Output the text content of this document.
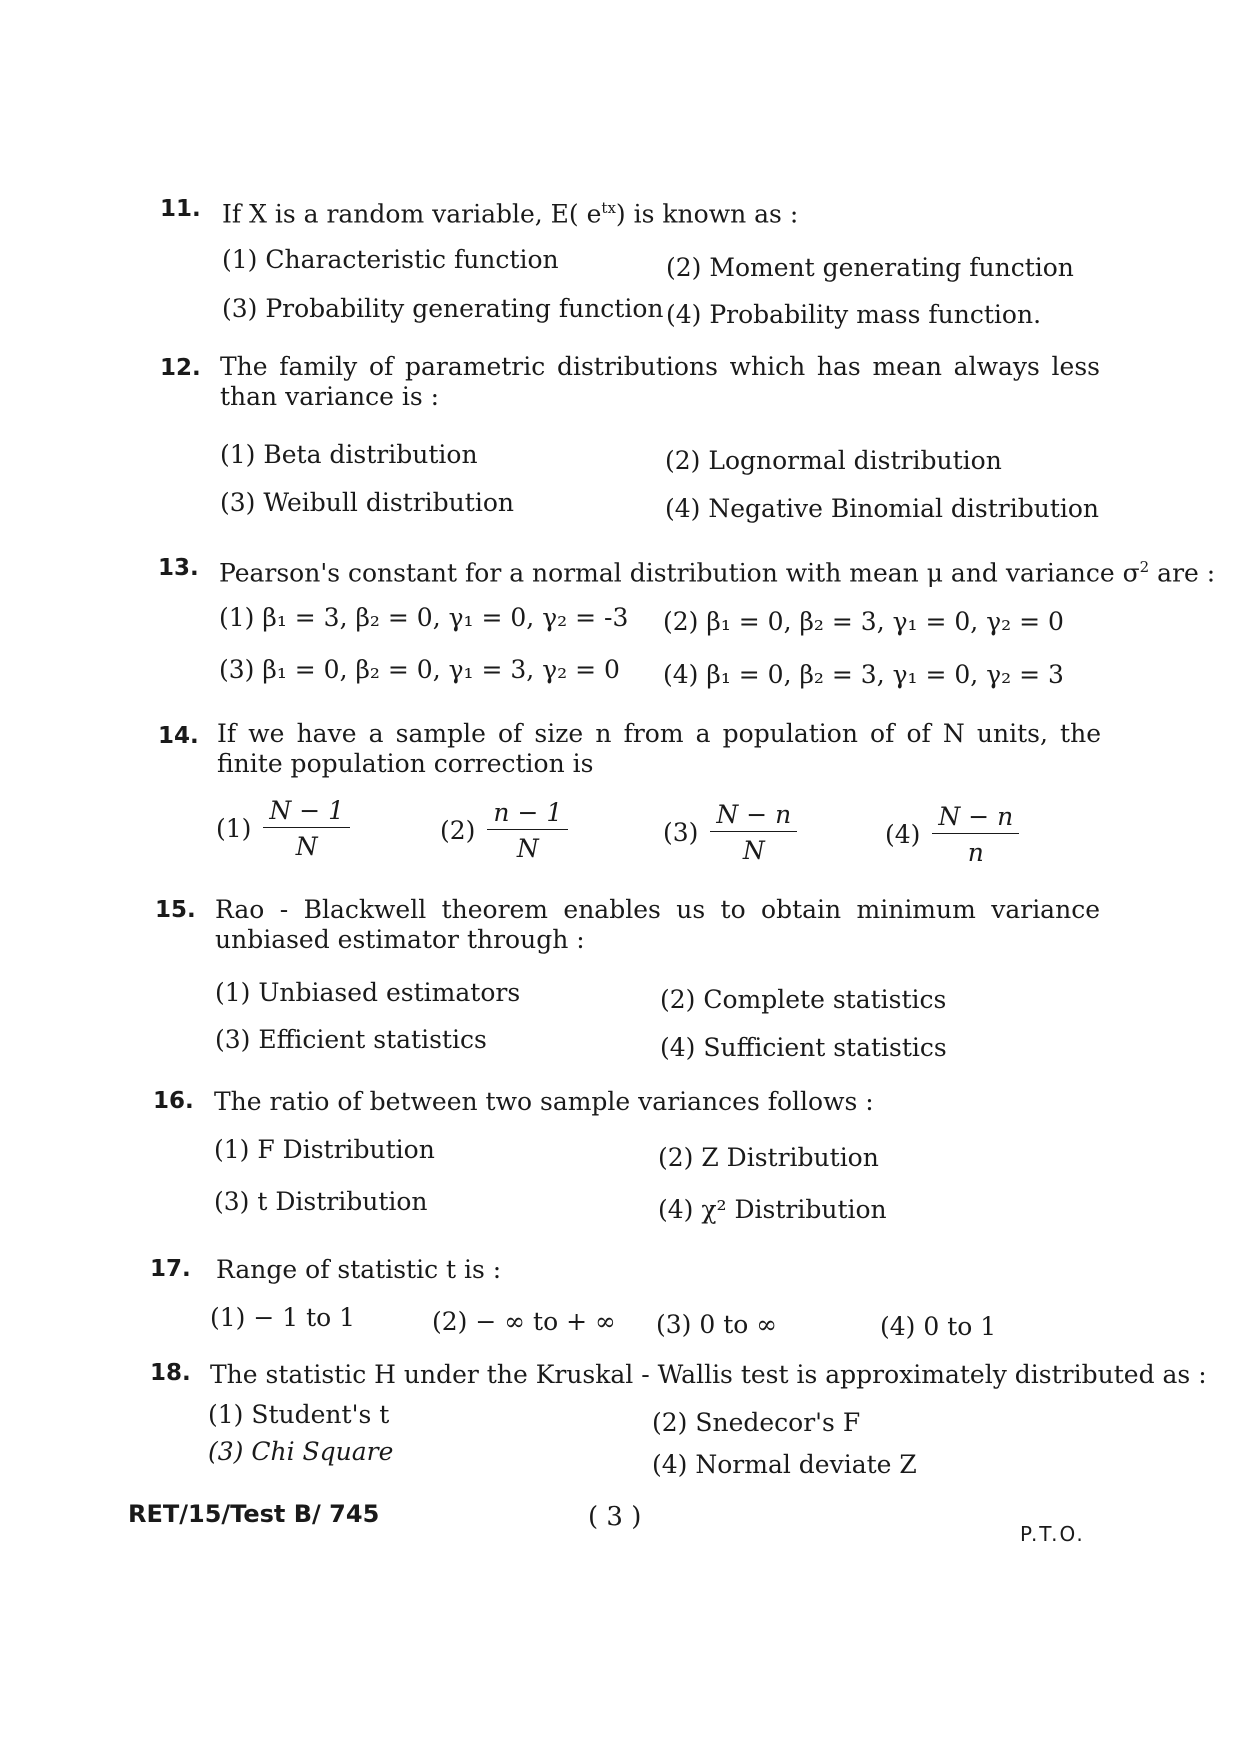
11. If X is a random variable, E( $e^{tx}$) is known as :
(1) Characteristic function	(2) Moment generating function
(3) Probability generating function (4) Probability mass function.
12. The family of parametric distributions which has mean always less than variance is :
(1) Beta distribution	(2) Lognormal distribution
(3) Weibull distribution	(4) Negative Binomial distribution
13. Pearson's constant for a normal distribution with mean μ and variance $\sigma^2$ are :
(1) β₁ = 3, β₂ = 0, γ₁ = 0, γ₂ = -3 (2) β₁ = 0, β₂ = 3, γ₁ = 0, γ₂ = 0
(3) β₁ = 0, β₂ = 0, γ₁ = 3, γ₂ = 0 (4) β₁ = 0, β₂ = 3, γ₁ = 0, γ₂ = 3
14. If we have a sample of size n from a population of of N units, the finite population correction is
(1)
N − 1
N
(2)
n − 1
N
(3)
N − n
N
(4)
N − n
n
15. Rao - Blackwell theorem enables us to obtain minimum variance unbiased estimator through :
(1) Unbiased estimators	(2) Complete statistics
(3) Efficient statistics	(4) Sufficient statistics
16. The ratio of between two sample variances follows :
(1) F Distribution	(2) Z Distribution
(3) t Distribution	(4) χ² Distribution
17. Range of statistic t is :
(1) − 1 to 1	(2) − ∞ to + ∞ (3) 0 to ∞	(4) 0 to 1
18. The statistic H under the Kruskal - Wallis test is approximately distributed as :
(1) Student's t	(2) Snedecor's F
(3) Chi Square	(4) Normal deviate Z
RET/15/Test B/ 745	( 3 )
P.T.O.
